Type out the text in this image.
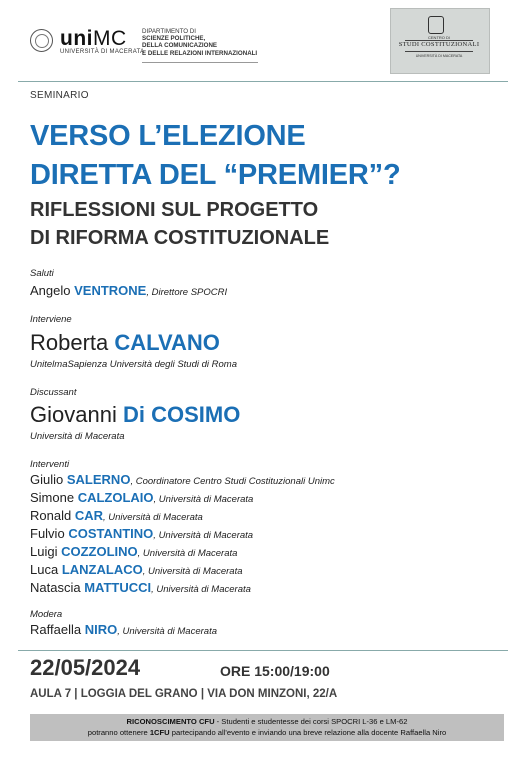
uniMC
UNIVERSITÀ DI MACERATA
DIPARTIMENTO DI
SCIENZE POLITICHE,
DELLA COMUNICAZIONE
E DELLE RELAZIONI INTERNAZIONALI
CENTRO DI
STUDI COSTITUZIONALI
UNIVERSITÀ DI MACERATA
SEMINARIO
VERSO L’ELEZIONE
DIRETTA DEL “PREMIER”?
RIFLESSIONI SUL PROGETTO
DI RIFORMA COSTITUZIONALE
Saluti
Angelo VENTRONE, Direttore SPOCRI
Interviene
Roberta CALVANO
UnitelmaSapienza Università degli Studi di Roma
Discussant
Giovanni Di COSIMO
Università di Macerata
Interventi
Giulio SALERNO, Coordinatore Centro Studi Costituzionali Unimc
Simone CALZOLAIO, Università di Macerata
Ronald CAR, Università di Macerata
Fulvio COSTANTINO, Università di Macerata
Luigi COZZOLINO, Università di Macerata
Luca LANZALACO, Università di Macerata
Natascia MATTUCCI, Università di Macerata
Modera
Raffaella NIRO, Università di Macerata
22/05/2024	ORE 15:00/19:00
AULA 7 | LOGGIA DEL GRANO | VIA DON MINZONI, 22/A
RICONOSCIMENTO CFU - Studenti e studentesse dei corsi SPOCRI L-36 e LM-62
potranno ottenere 1CFU partecipando all'evento e inviando una breve relazione alla docente Raffaella Niro
